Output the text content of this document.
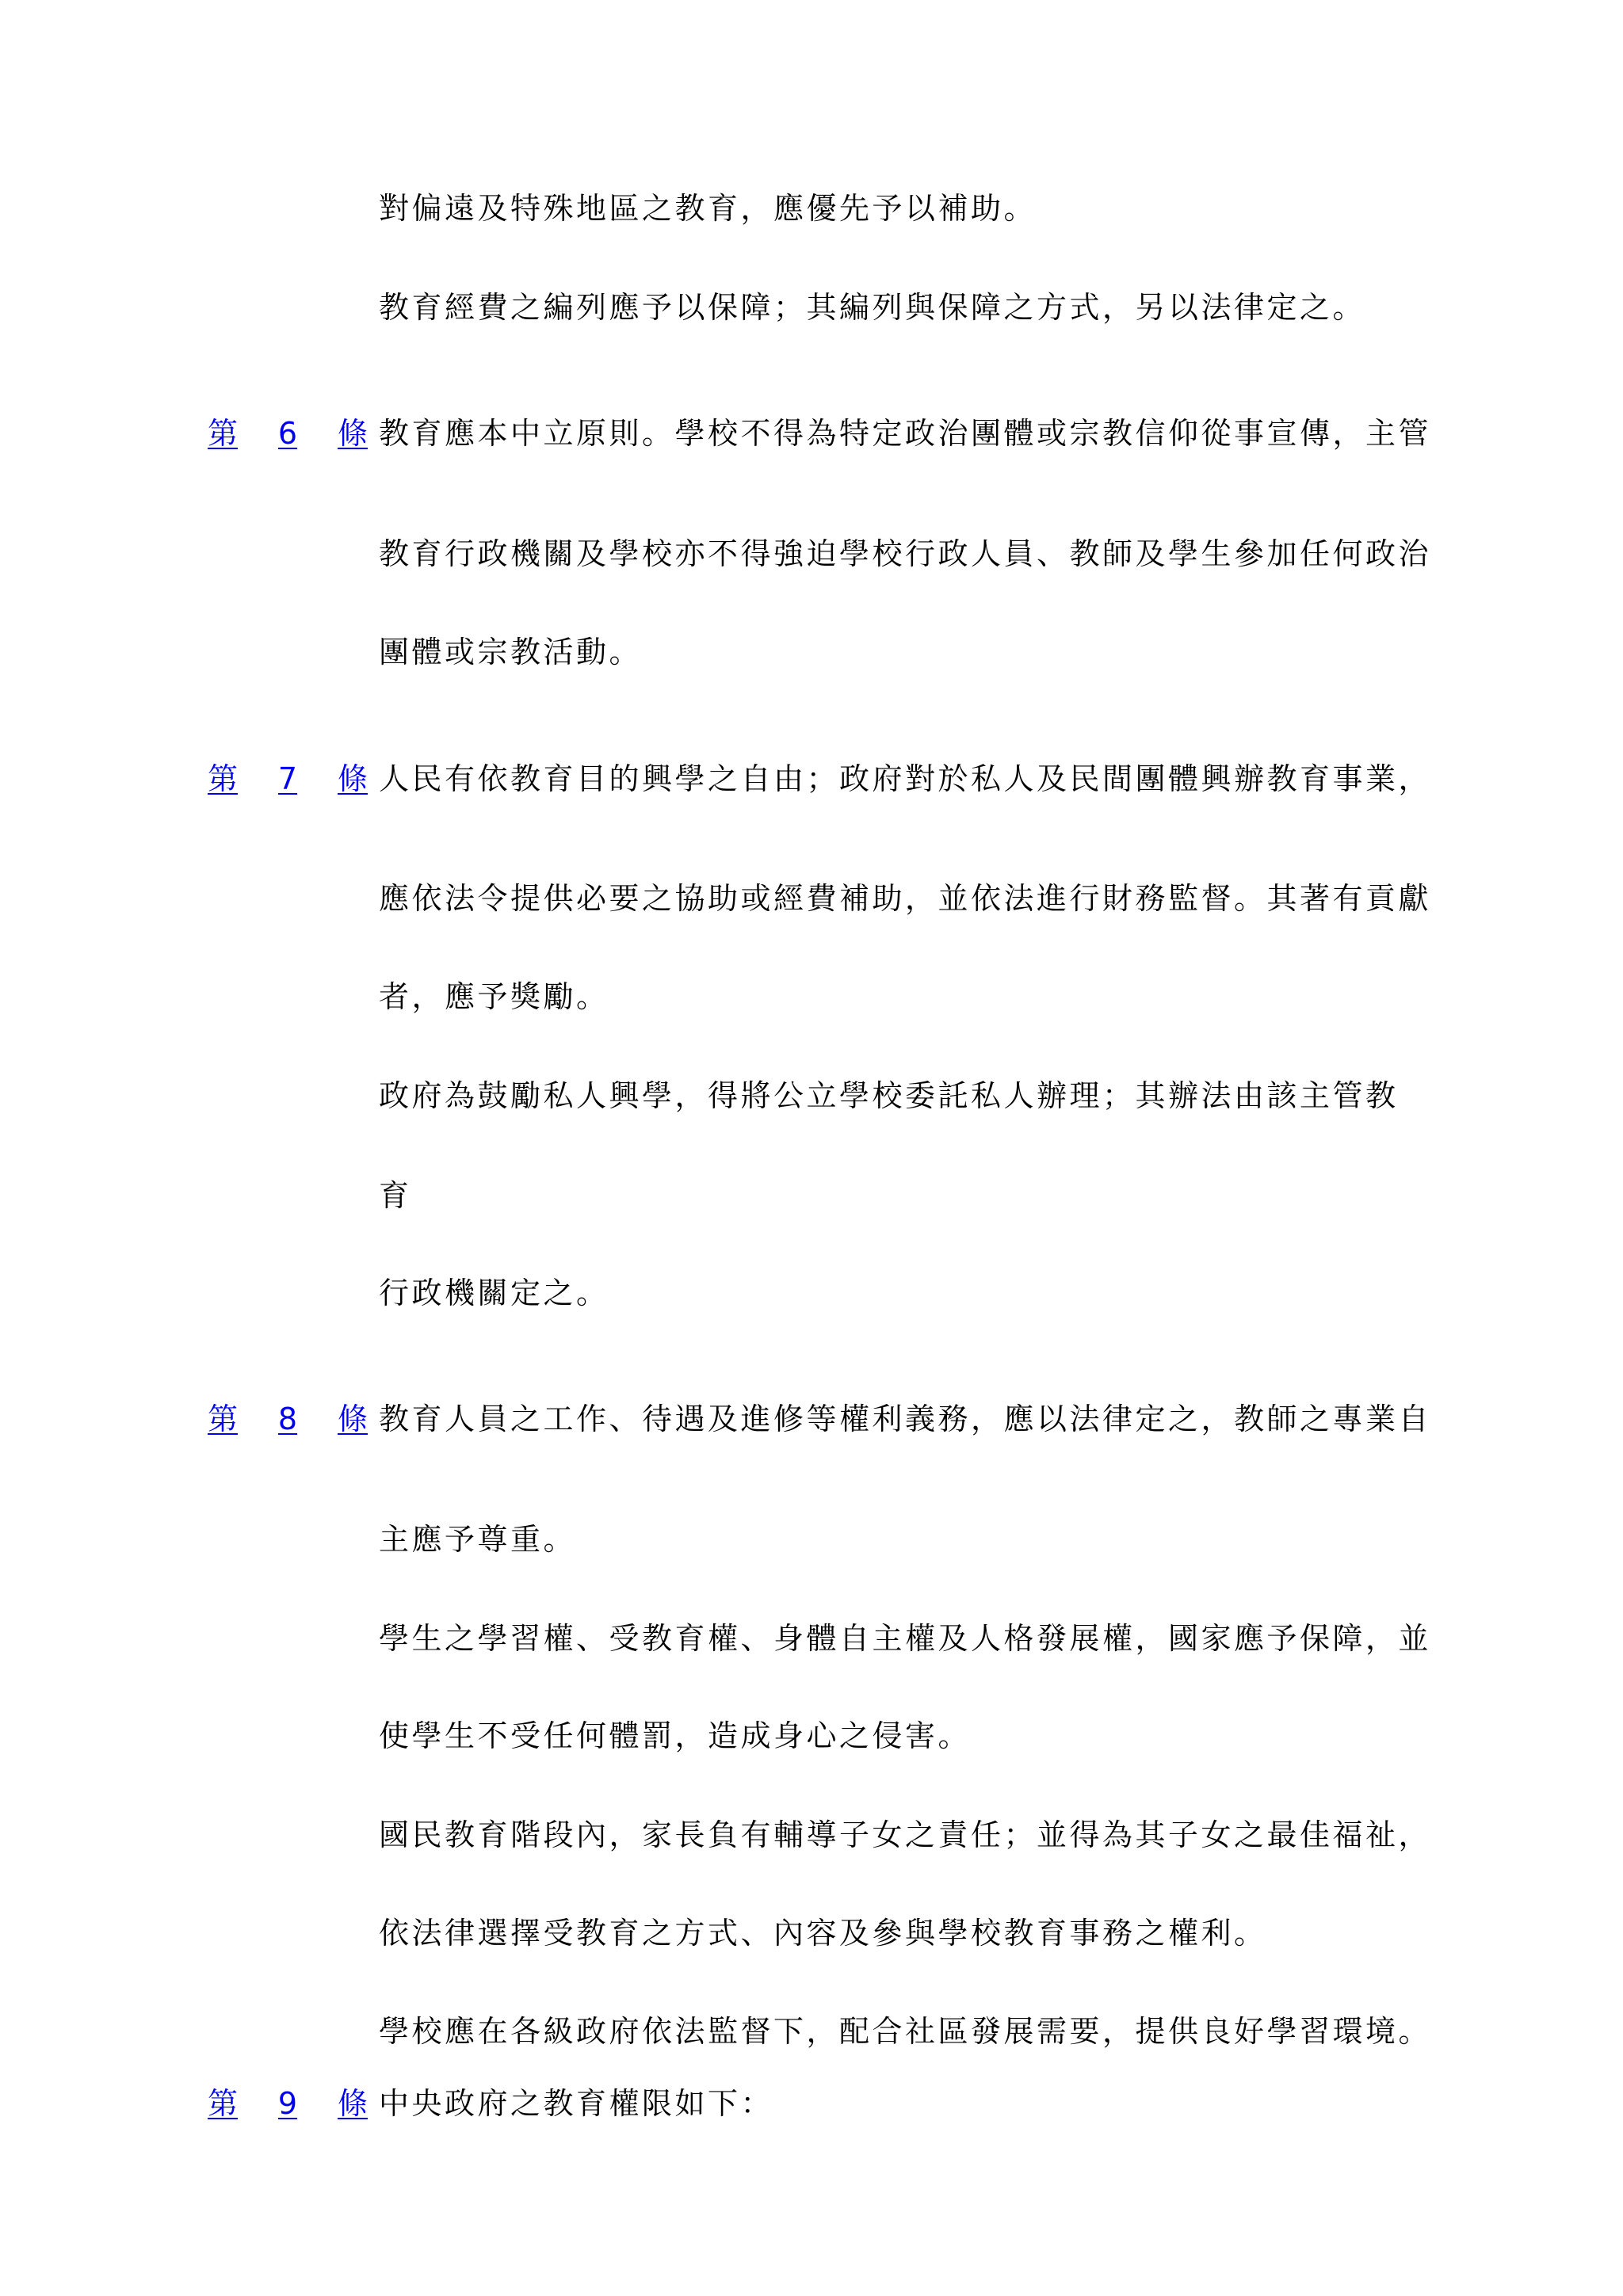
對偏遠及特殊地區之教育，應優先予以補助。
教育經費之編列應予以保障；其編列與保障之方式，另以法律定之。
第 6 條 教育應本中立原則。學校不得為特定政治團體或宗教信仰從事宣傳，主管
教育行政機關及學校亦不得強迫學校行政人員、教師及學生參加任何政治
團體或宗教活動。
第 7 條 人民有依教育目的興學之自由；政府對於私人及民間團體興辦教育事業，
應依法令提供必要之協助或經費補助，並依法進行財務監督。其著有貢獻
者，應予獎勵。
政府為鼓勵私人興學，得將公立學校委託私人辦理；其辦法由該主管教
育
行政機關定之。
第 8 條 教育人員之工作、待遇及進修等權利義務，應以法律定之，教師之專業自
主應予尊重。
學生之學習權、受教育權、身體自主權及人格發展權，國家應予保障，並
使學生不受任何體罰，造成身心之侵害。
國民教育階段內，家長負有輔導子女之責任；並得為其子女之最佳福祉，
依法律選擇受教育之方式、內容及參與學校教育事務之權利。
學校應在各級政府依法監督下，配合社區發展需要，提供良好學習環境。
第 9 條 中央政府之教育權限如下：
